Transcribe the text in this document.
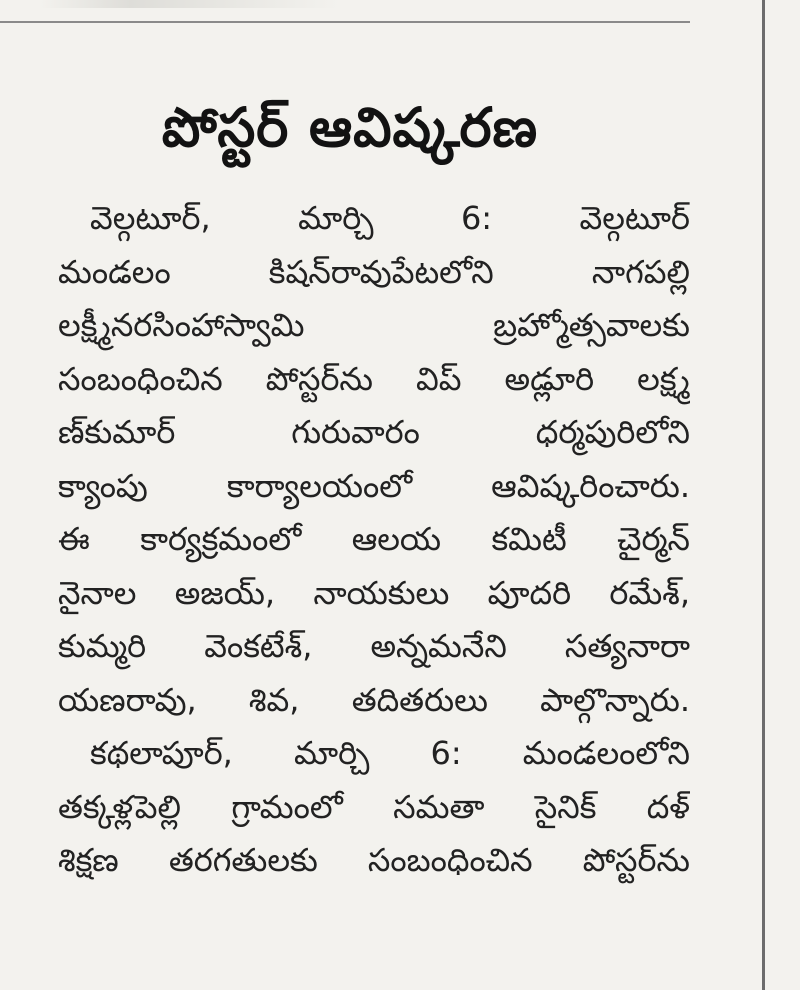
పోస్టర్ ఆవిష్కరణ
వెల్గటూర్, మార్చి 6: వెల్గటూర్
మండలం కిషన్‌రావుపేటలోని నాగపల్లి
లక్ష్మీనరసింహాస్వామి బ్రహ్మోత్సవాలకు
సంబంధించిన పోస్టర్‌ను విప్ అడ్లూరి లక్ష్మ
ణ్‌కుమార్ గురువారం ధర్మపురిలోని
క్యాంపు కార్యాలయంలో ఆవిష్కరించారు.
ఈ కార్యక్రమంలో ఆలయ కమిటీ చైర్మన్
నైనాల అజయ్, నాయకులు పూదరి రమేశ్,
కుమ్మరి వెంకటేశ్, అన్నమనేని సత్యనారా
యణరావు, శివ, తదితరులు పాల్గొన్నారు.
కథలాపూర్, మార్చి 6: మండలంలోని
తక్కళ్లపెల్లి గ్రామంలో సమతా సైనిక్ దళ్
శిక్షణ తరగతులకు సంబంధించిన పోస్టర్‌ను
